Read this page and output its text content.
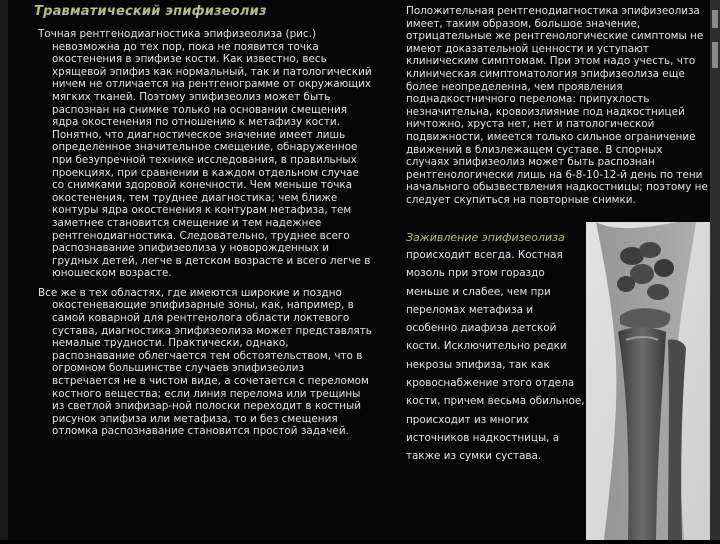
Травматический эпифизеолиз

Точная рентгенодиагностика эпифизеолиза (рис.) невозможна до тех пор, пока не появится точка окостенения в эпифизе кости. Как известно, весь хрящевой эпифиз как нормальный, так и патологический ничем не отличается на рентгенограмме от окружающих мягких тканей. Поэтому эпифизеолиз может быть распознан на снимке только на основании смещения ядра окостенения по отношению к метафизу кости. Понятно, что диагностическое значение имеет лишь определенное значительное смещение, обнаруженное при безупречной технике исследования, в правильных проекциях, при сравнении в каждом отдельном случае со снимками здоровой конечности. Чем меньше точка окостенения, тем труднее диагностика; чем ближе контуры ядра окостенения к контурам метафиза, тем заметнее становится смещение и тем надежнее рентгенодиагностика. Следовательно, труднее всего распознавание эпифизеолиза у новорожденных и грудных детей, легче в детском возрасте и всего легче в юношеском возрасте.

Все же в тех областях, где имеются широкие и поздно окостеневающие эпифизарные зоны, как, например, в самой коварной для рентгенолога области локтевого сустава, диагностика эпифизеолиза может представлять немалые трудности. Практически, однако, распознавание облегчается тем обстоятельством, что в огромном большинстве случаев эпифизеолиз встречается не в чистом виде, а сочетается с переломом костного вещества; если линия перелома или трещины из светлой эпифизар-ной полоски переходит в костный рисунок эпифиза или метафиза, то и без смещения отломка распознавание становится простой задачей.

Положительная рентгенодиагностика эпифизеолиза имеет, таким образом, большое значение, отрицательные же рентгенологические симптомы не имеют доказательной ценности и уступают клиническим симптомам. При этом надо учесть, что клиническая симптоматология эпифизеолиза еще более неопределенна, чем проявления поднадкостничного перелома: припухлость незначительна, кровоизлияние под надкостницей ничтожно, хруста нет, нет и патологической подвижности, имеется только сильное ограничение движений в близлежащем суставе. В спорных случаях эпифизеолиз может быть распознан рентгенологически лишь на 6-8-10-12-й день по тени начального обызвествления надкостницы; поэтому не следует скупиться на повторные снимки.

Заживление эпифизеолиза

происходит всегда. Костная мозоль при этом гораздо меньше и слабее, чем при переломах метафиза и особенно диафиза детской кости. Исключительно редки некрозы эпифиза, так как кровоснабжение этого отдела кости, причем весьма обильное, происходит из многих источников надкостницы, а также из сумки сустава.
